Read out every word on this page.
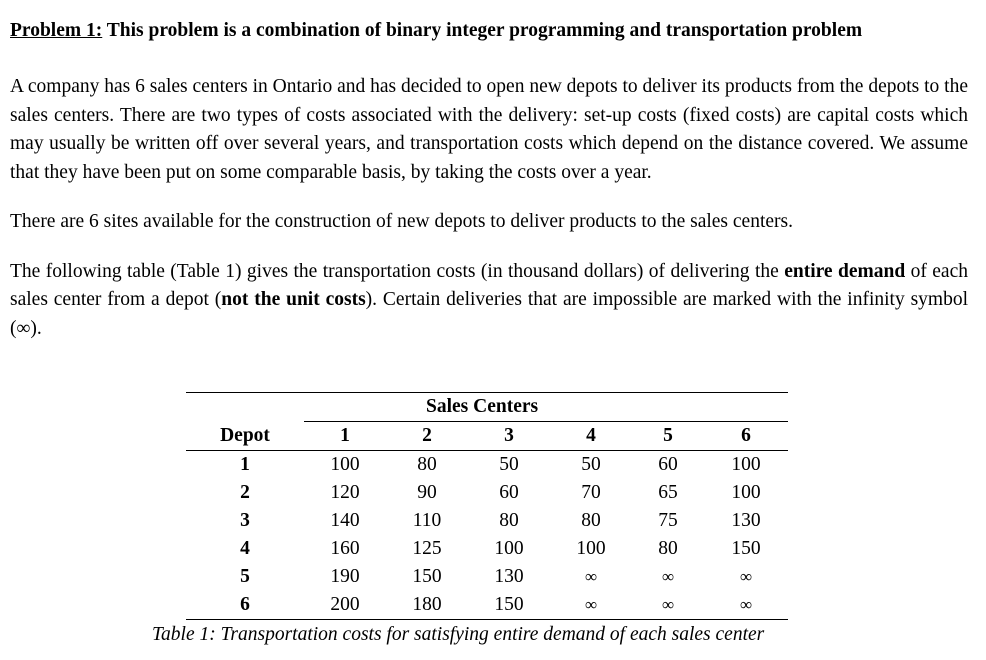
Problem 1: This problem is a combination of binary integer programming and transportation problem

A company has 6 sales centers in Ontario and has decided to open new depots to deliver its products from the depots to the sales centers. There are two types of costs associated with the delivery: set-up costs (fixed costs) are capital costs which may usually be written off over several years, and transportation costs which depend on the distance covered. We assume that they have been put on some comparable basis, by taking the costs over a year.

There are 6 sites available for the construction of new depots to deliver products to the sales centers.

The following table (Table 1) gives the transportation costs (in thousand dollars) of delivering the entire demand of each sales center from a depot (not the unit costs). Certain deliveries that are impossible are marked with the infinity symbol (∞).

	Sales Centers					
Depot	1	2	3	4	5	6
1	100	80	50	50	60	100
2	120	90	60	70	65	100
3	140	110	80	80	75	130
4	160	125	100	100	80	150
5	190	150	130	∞	∞	∞
6	200	180	150	∞	∞	∞
Table 1: Transportation costs for satisfying entire demand of each sales center
